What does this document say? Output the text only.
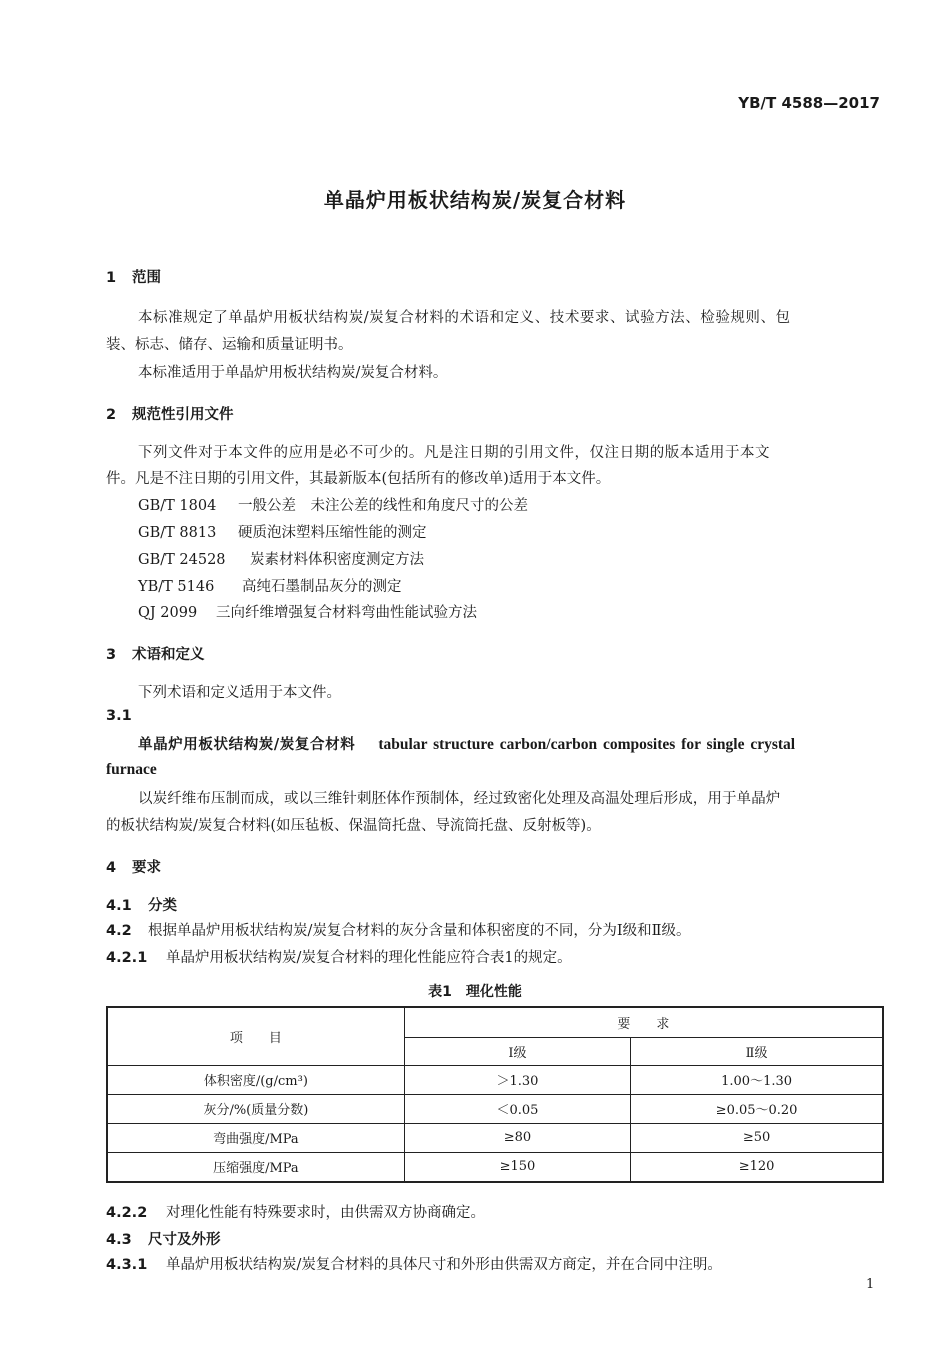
YB/T 4588—2017
单晶炉用板状结构炭/炭复合材料
1 范围
本标准规定了单晶炉用板状结构炭/炭复合材料的术语和定义、技术要求、试验方法、检验规则、包
装、标志、储存、运输和质量证明书。
本标准适用于单晶炉用板状结构炭/炭复合材料。
2 规范性引用文件
下列文件对于本文件的应用是必不可少的。凡是注日期的引用文件，仅注日期的版本适用于本文
件。凡是不注日期的引用文件，其最新版本(包括所有的修改单)适用于本文件。
GB/T 1804 一般公差　未注公差的线性和角度尺寸的公差
GB/T 8813 硬质泡沫塑料压缩性能的测定
GB/T 24528 炭素材料体积密度测定方法
YB/T 5146 高纯石墨制品灰分的测定
QJ 2099 三向纤维增强复合材料弯曲性能试验方法
3 术语和定义
下列术语和定义适用于本文件。
3.1
单晶炉用板状结构炭/炭复合材料 tabular structure carbon/carbon composites for single crystal
furnace
以炭纤维布压制而成，或以三维针刺胚体作预制体，经过致密化处理及高温处理后形成，用于单晶炉
的板状结构炭/炭复合材料(如压毡板、保温筒托盘、导流筒托盘、反射板等)。
4 要求
4.1 分类
4.2 根据单晶炉用板状结构炭/炭复合材料的灰分含量和体积密度的不同，分为Ⅰ级和Ⅱ级。
4.2.1 单晶炉用板状结构炭/炭复合材料的理化性能应符合表1的规定。
表1　理化性能
项　　目	要　　求	
	Ⅰ级	Ⅱ级
体积密度/(g/cm³)	＞1.30	1.00～1.30
灰分/%(质量分数)	＜0.05	≥0.05～0.20
弯曲强度/MPa	≥80	≥50
压缩强度/MPa	≥150	≥120
4.2.2 对理化性能有特殊要求时，由供需双方协商确定。
4.3 尺寸及外形
4.3.1 单晶炉用板状结构炭/炭复合材料的具体尺寸和外形由供需双方商定，并在合同中注明。
1
